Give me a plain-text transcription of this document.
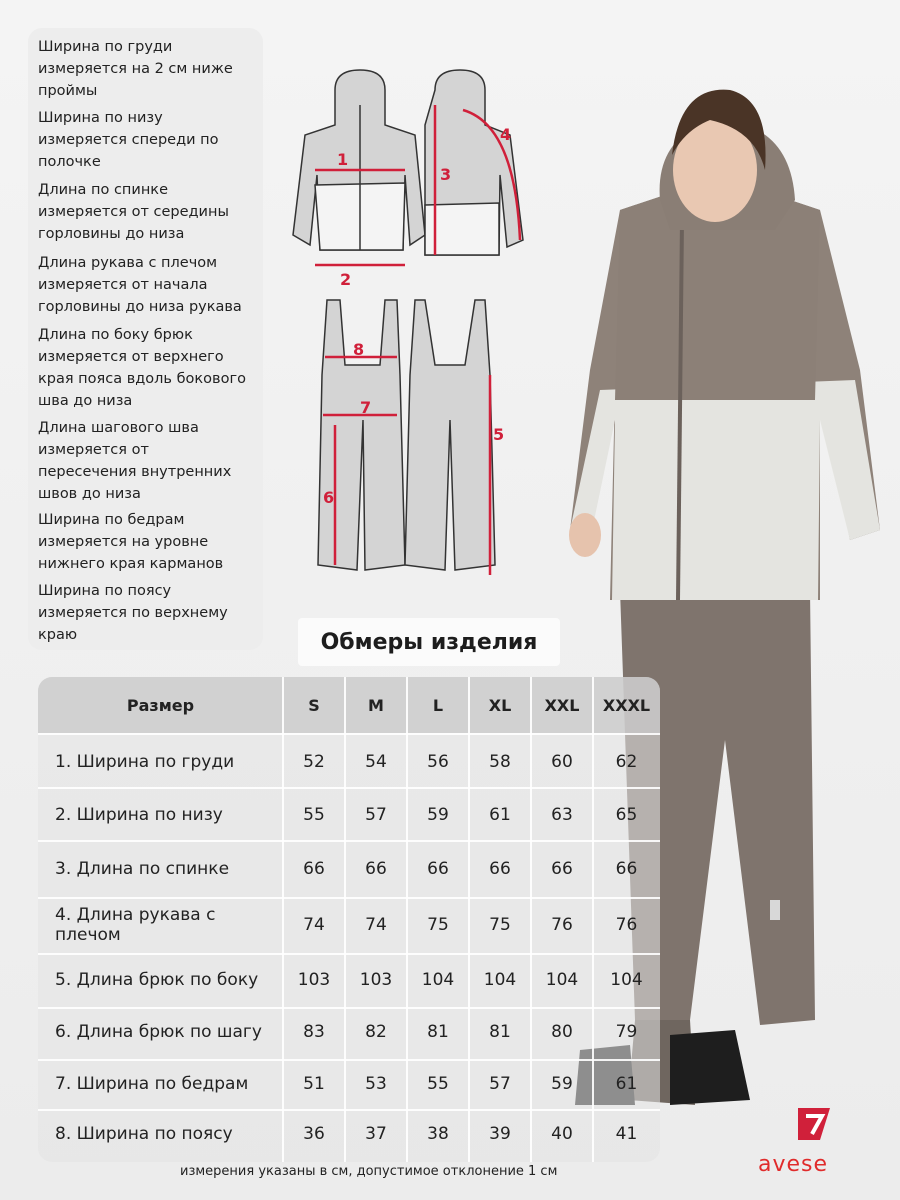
Ширина по груди
измеряется на 2 см ниже
проймы
Ширина по низу
измеряется спереди по
полочке
Длина по спинке
измеряется от середины
горловины до низа
Длина рукава с плечом
измеряется от начала
горловины до низа рукава
Длина по боку брюк
измеряется от верхнего
края пояса вдоль бокового
шва до низа
Длина шагового шва
измеряется от
пересечения внутренних
швов до низа
Ширина по бедрам
измеряется на уровне
нижнего края карманов
Ширина по поясу
измеряется по верхнему
краю
1
2
3
4
8
7
6
5
Обмеры изделия
Размер	S	M	L	XL	XXL	XXXL
1. Ширина по груди	52	54	56	58	60	62
2. Ширина по низу	55	57	59	61	63	65
3. Длина по спинке	66	66	66	66	66	66
4. Длина рукава с плечом	74	74	75	75	76	76
5. Длина брюк по боку	103	103	104	104	104	104
6. Длина брюк по шагу	83	82	81	81	80	79
7. Ширина по бедрам	51	53	55	57	59	61
8. Ширина по поясу	36	37	38	39	40	41
измерения указаны в см, допустимое отклонение 1 см	avese
